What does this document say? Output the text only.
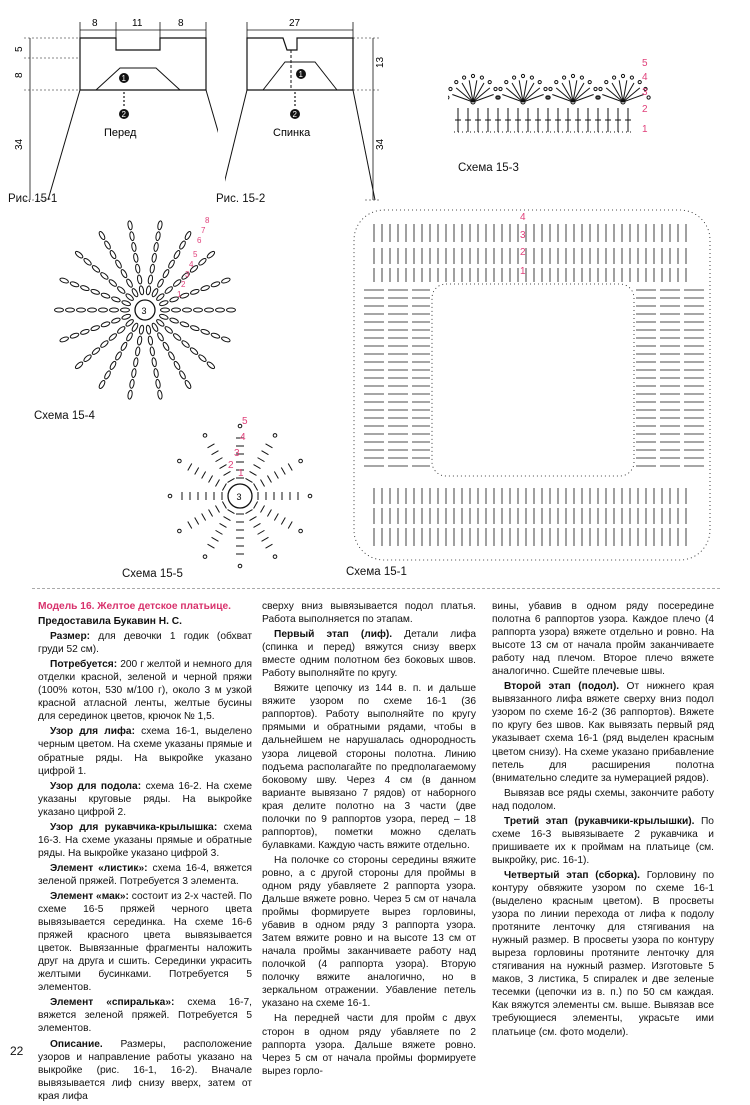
8	11	8
5
8
34
1
2
Перед
Рис. 15-1
27
13
34
1
2
Спинка
Рис. 15-2
5
4
3
2
1
Схема 15-3
3
8
7
6
5
4
3
2
1
Схема 15-4
3
5
4
3
2
1
Схема 15-5
4
3
2
1
Схема 15-1

Модель 16. Желтое детское платьице.

Предоставила Букавин Н. С.

Размер: для девочки 1 годик (обхват груди 52 см).

Потребуется: 200 г желтой и немного для отделки красной, зеленой и черной пряжи (100% котон, 530 м/100 г), около 3 м узкой красной атласной ленты, желтые бусины для серединок цветов, крючок № 1,5.

Узор для лифа: схема 16-1, выделено черным цветом. На схеме указаны прямые и обратные ряды. На выкройке указано цифрой 1.

Узор для подола: схема 16-2. На схеме указаны круговые ряды. На выкройке указано цифрой 2.

Узор для рукавчика-крылышка: схема 16-3. На схеме указаны прямые и обратные ряды. На выкройке указано цифрой 3.

Элемент «листик»: схема 16-4, вяжется зеленой пряжей. Потребуется 3 элемента.

Элемент «мак»: состоит из 2-х частей. По схеме 16-5 пряжей черного цвета вывязывается серединка. На схеме 16-6 пряжей красного цвета вывязывается цветок. Вывязанные фрагменты наложить друг на друга и сшить. Серединки украсить желтыми бусинками. Потребуется 5 элементов.

Элемент «спиралька»: схема 16-7, вяжется зеленой пряжей. Потребуется 5 элементов.

Описание. Размеры, расположение узоров и направление работы указано на выкройке (рис. 16-1, 16-2). Вначале вывязывается лиф снизу вверх, затем от края лифа

сверху вниз вывязывается подол платья. Работа выполняется по этапам.

Первый этап (лиф). Детали лифа (спинка и перед) вяжутся снизу вверх вместе одним полотном без боковых швов. Работу выполняйте по кругу.

Вяжите цепочку из 144 в. п. и дальше вяжите узором по схеме 16-1 (36 раппортов). Работу выполняйте по кругу прямыми и обратными рядами, чтобы в дальнейшем не нарушалась однородность узора лицевой стороны полотна. Линию подъема располагайте по предполагаемому боковому шву. Через 4 см (в данном варианте вывязано 7 рядов) от наборного края делите полотно на 3 части (две полочки по 9 раппортов узора, перед – 18 раппортов), пометки можно сделать булавками. Каждую часть вяжите отдельно.

На полочке со стороны середины вяжите ровно, а с другой стороны для проймы в одном ряду убавляете 2 раппорта узора. Дальше вяжете ровно. Через 5 см от начала проймы формируете вырез горловины, убавив в одном ряду 3 раппорта узора. Затем вяжите ровно и на высоте 13 см от начала проймы заканчиваете работу над полочкой (4 раппорта узора). Вторую полочку вяжите аналогично, но в зеркальном отражении. Убавление петель указано на схеме 16-1.

На передней части для пройм с двух сторон в одном ряду убавляете по 2 раппорта узора. Дальше вяжете ровно. Через 5 см от начала проймы формируете вырез горло-

вины, убавив в одном ряду посередине полотна 6 раппортов узора. Каждое плечо (4 раппорта узора) вяжете отдельно и ровно. На высоте 13 см от начала пройм заканчиваете работу над плечом. Второе плечо вяжете аналогично. Сшейте плечевые швы.

Второй этап (подол). От нижнего края вывязанного лифа вяжете сверху вниз подол узором по схеме 16-2 (36 раппортов). Вяжете по кругу без швов. Как вывязать первый ряд указывает схема 16-1 (ряд выделен красным цветом снизу). На схеме указано прибавление петель для расширения полотна (внимательно следите за нумерацией рядов).

Вывязав все ряды схемы, закончите работу над подолом.

Третий этап (рукавчики-крылышки). По схеме 16-3 вывязываете 2 рукавчика и пришиваете их к проймам на платьице (см. выкройку, рис. 16-1).

Четвертый этап (сборка). Горловину по контуру обвяжите узором по схеме 16-1 (выделено красным цветом). В просветы узора по линии перехода от лифа к подолу протяните ленточку для стягивания на нужный размер. В просветы узора по контуру выреза горловины протяните ленточку для стягивания на нужный размер. Изготовьте 5 маков, 3 листика, 5 спиралек и две зеленые тесемки (цепочки из в. п.) по 50 см каждая. Как вяжутся элементы см. выше. Вывязав все требующиеся элементы, украсьте ими платьице (см. фото модели).

22
